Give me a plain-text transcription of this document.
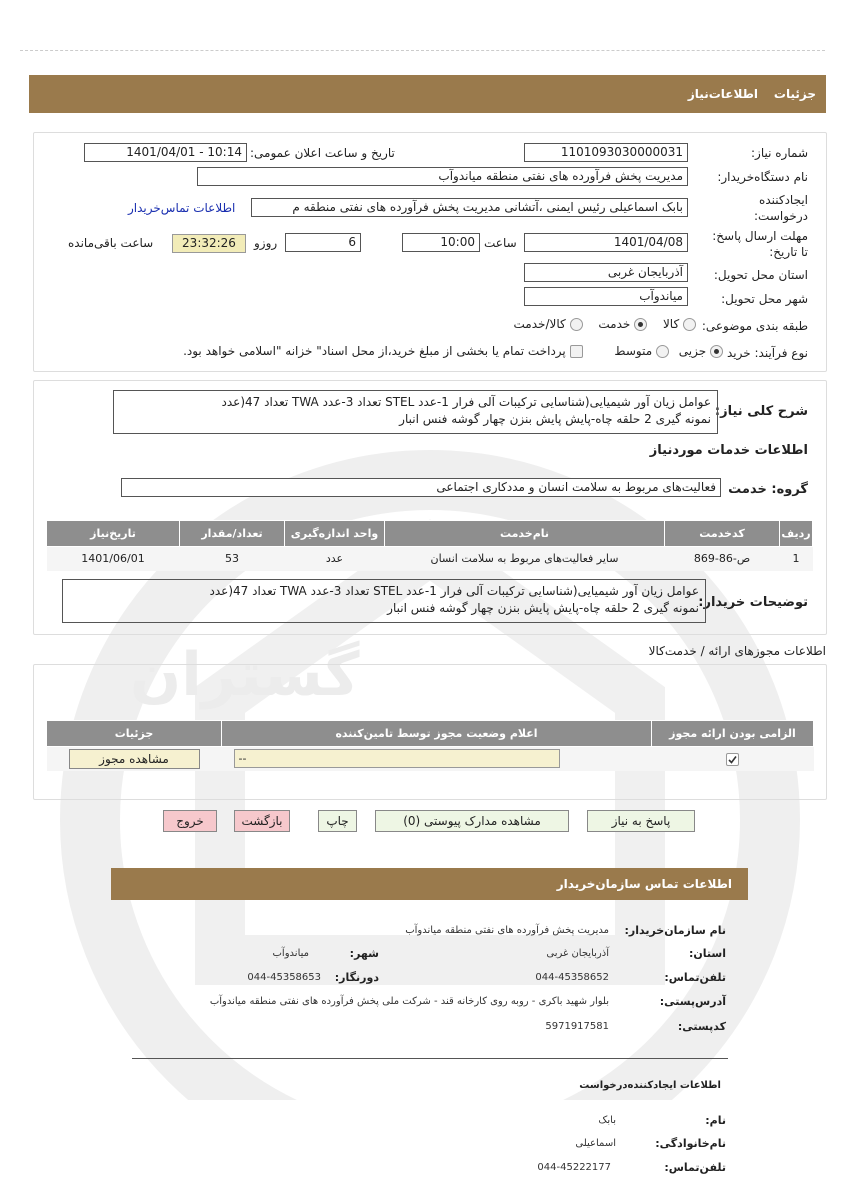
گستران
جزئیات
اطلاعات‌نیاز
شماره نیاز:
1101093030000031
تاریخ و ساعت اعلان عمومی:
1401/04/01 - 10:14
نام دستگاه‌خریدار:
مدیریت پخش فرآورده های نفتی منطقه میاندوآب
ایجادکننده درخواست:
بابک اسماعیلی رئیس ایمنی ،آتشانی مدیریت پخش فرآورده های نفتی منطقه م
اطلاعات تماس‌خریدار
مهلت ارسال پاسخ: تا تاریخ:
1401/04/08
ساعت
10:00
6
روزو
23:32:26
ساعت باقی‌مانده
استان محل تحویل:
آذربایجان غربی
شهر محل تحویل:
میاندوآب
طبقه بندی موضوعی:
کالا  خدمت  کالا/خدمت
نوع فرآیند: خرید
جزیی  متوسط  پرداخت تمام یا بخشی از مبلغ خرید،از محل اسناد" خزانه "اسلامی خواهد بود.
شرح کلی نیاز:
عوامل زیان آور شیمیایی(شناسایی ترکیبات آلی فرار 1-عدد STEL تعداد 3-عدد TWA تعداد 47(عدد
نمونه گیری 2 حلقه چاه-پایش پایش بنزن چهار گوشه فنس انبار
اطلاعات خدمات موردنیاز
گروه: خدمت
فعالیت‌های مربوط به سلامت انسان و مددکاری اجتماعی
ردیف	کدخدمت	نام‌خدمت	واحد اندازه‌گیری	تعداد/مقدار	تاریخ‌نیاز
1	ص-86-869	سایر فعالیت‌های مربوط به سلامت انسان	عدد	53	1401/06/01
توضیحات خریدار:
عوامل زیان آور شیمیایی(شناسایی ترکیبات آلی فرار 1-عدد STEL تعداد 3-عدد TWA تعداد 47(عدد
نمونه گیری 2 حلقه چاه-پایش پایش بنزن چهار گوشه فنس انبار
اطلاعات مجوزهای ارائه / خدمت‌کالا
الزامی بودن ارائه مجوز	اعلام وضعیت مجوز توسط تامین‌کننده	جزئیات

--	مشاهده مجوز
پاسخ به نیاز
مشاهده مدارک پیوستی (0)
چاپ
بازگشت
خروج
اطلاعات تماس سازمان‌خریدار
نام سازمان‌خریدار:
مدیریت پخش فرآورده های نفتی منطقه میاندوآب
استان:
آذربایجان غربی
شهر:
میاندوآب
تلفن‌تماس:
044-45358652
دورنگار:
044-45358653
آدرس‌پستی:
بلوار شهید باکری - روبه روی کارخانه قند - شرکت ملی پخش فرآورده های نفتی منطقه میاندوآب
کدپستی:
5971917581
اطلاعات ایجادکننده‌درخواست
نام:
بابک
نام‌خانوادگی:
اسماعیلی
تلفن‌تماس:
044-45222177
